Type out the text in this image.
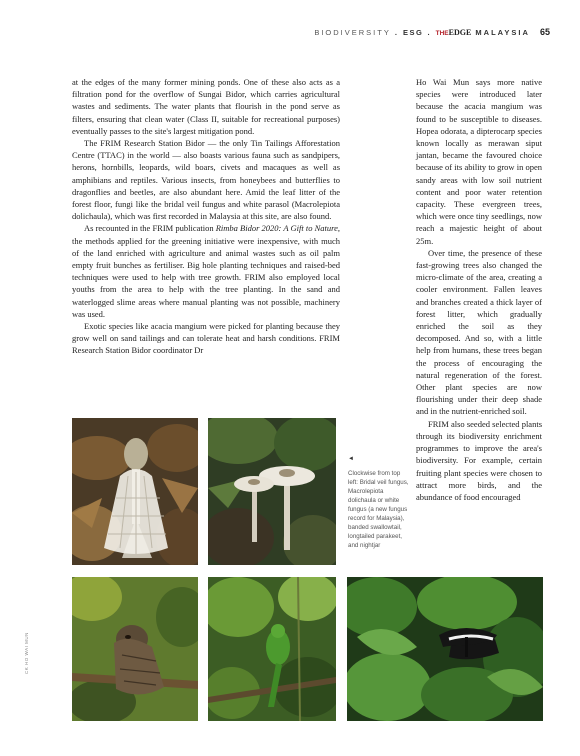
BIODIVERSITY . ESG . THEEDGE MALAYSIA 65

at the edges of the many former mining ponds. One of these also acts as a filtration pond for the overflow of Sungai Bidor, which carries agricultural wastes and sediments. The water plants that flourish in the pond serve as filters, ensuring that clean water (Class II, suitable for recreational purposes) eventually passes to the site's largest mitigation pond.

The FRIM Research Station Bidor — the only Tin Tailings Afforestation Centre (TTAC) in the world — also boasts various fauna such as sandpipers, herons, hornbills, leopards, wild boars, civets and macaques as well as amphibians and reptiles. Various insects, from honeybees and butterflies to dragonflies and beetles, are also abundant here. Amid the leaf litter of the forest floor, fungi like the bridal veil fungus and white parasol (Macrolepiota dolichaula), which was first recorded in Malaysia at this site, are also found.

As recounted in the FRIM publication Rimba Bidor 2020: A Gift to Nature, the methods applied for the greening initiative were inexpensive, with much of the land enriched with agriculture and animal wastes such as oil palm empty fruit bunches as fertiliser. Big hole planting techniques and raised-bed techniques were used to help with tree growth. FRIM also employed local youths from the area to help with the tree planting. In the sand and waterlogged slime areas where manual planting was not possible, machinery was used.

Exotic species like acacia mangium were picked for planting because they grow well on sand tailings and can tolerate heat and harsh conditions. FRIM Research Station Bidor coordinator Dr

Ho Wai Mun says more native species were introduced later because the acacia mangium was found to be susceptible to diseases. Hopea odorata, a dipterocarp species known locally as merawan siput jantan, became the favoured choice because of its ability to grow in open sandy areas with low soil nutrient content and poor water retention capacity. These evergreen trees, which were once tiny seedlings, now reach a majestic height of about 25m.

Over time, the presence of these fast-growing trees also changed the micro-climate of the area, creating a cooler environment. Fallen leaves and branches created a thick layer of forest litter, which gradually enriched the soil as they decomposed. And so, with a little help from humans, these trees began the process of encouraging the natural regeneration of the forest. Other plant species are now flourishing under their deep shade and in the nutrient-enriched soil.

FRIM also seeded selected plants through its biodiversity enrichment programmes to improve the area's biodiversity. For example, certain fruiting plant species were chosen to attract more birds, and the abundance of food encouraged

◄
Clockwise from top left: Bridal veil fungus, Macrolepiota dolichaula or white fungus (a new fungus record for Malaysia), banded swallowtail, longtailed parakeet, and nightjar
CK HO WAI MUN
